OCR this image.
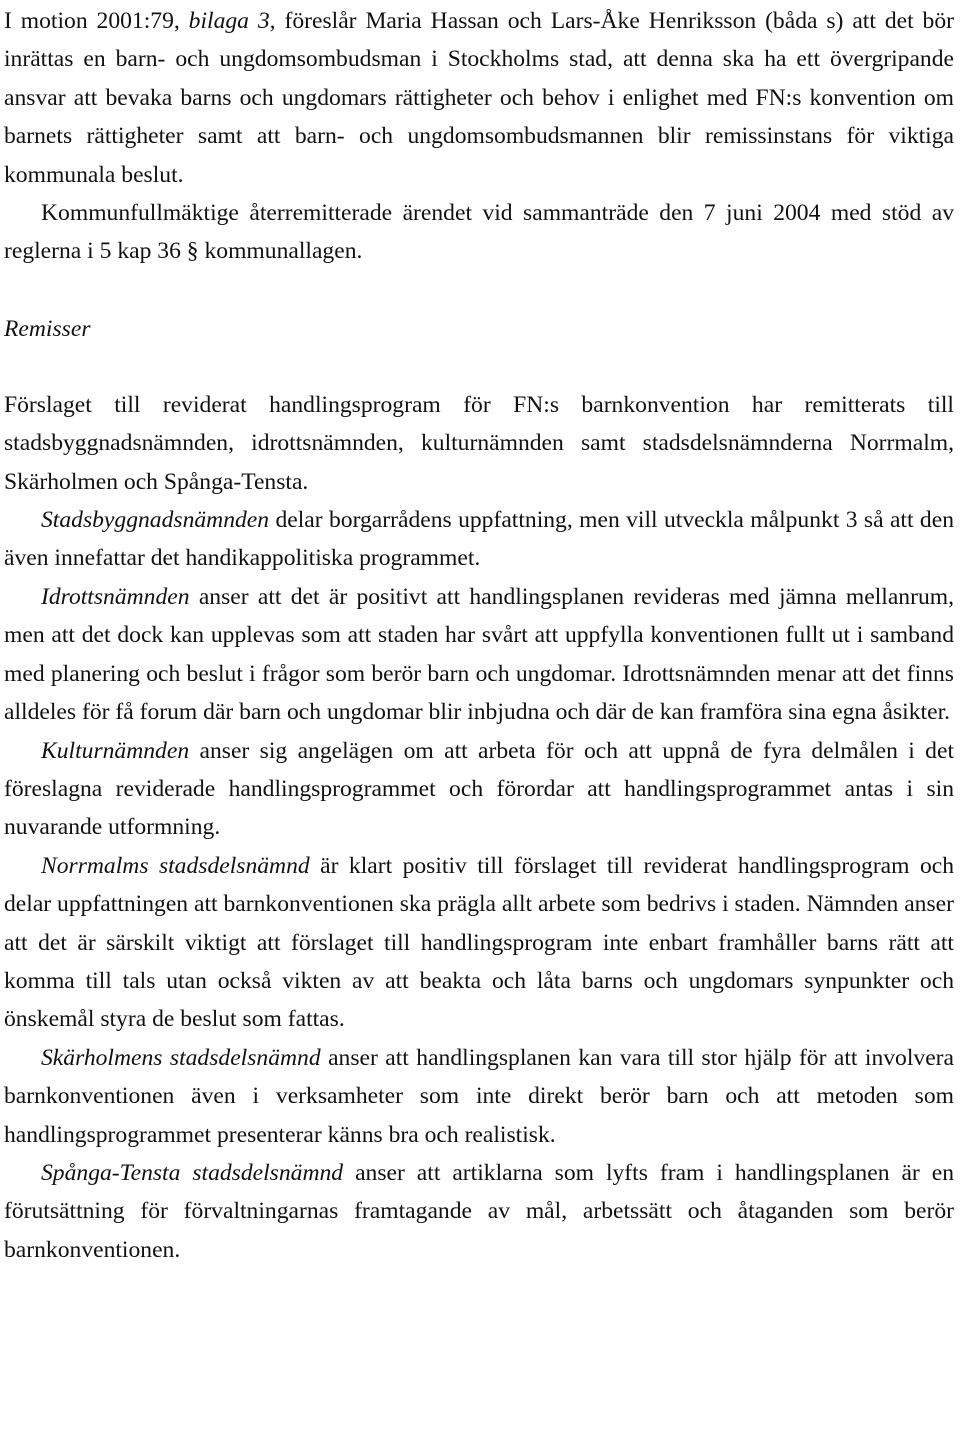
I motion 2001:79, bilaga 3, föreslår Maria Hassan och Lars-Åke Henriksson (båda s) att det bör inrättas en barn- och ungdomsombudsman i Stockholms stad, att denna ska ha ett övergripande ansvar att bevaka barns och ungdomars rättigheter och behov i enlighet med FN:s konvention om barnets rättigheter samt att barn- och ungdomsombudsmannen blir remissinstans för viktiga kommunala beslut.

Kommunfullmäktige återremitterade ärendet vid sammanträde den 7 juni 2004 med stöd av reglerna i 5 kap 36 § kommunallagen.

Remisser

Förslaget till reviderat handlingsprogram för FN:s barnkonvention har remitterats till stadsbyggnadsnämnden, idrottsnämnden, kulturnämnden samt stadsdelsnämnderna Norrmalm, Skärholmen och Spånga-Tensta.

Stadsbyggnadsnämnden delar borgarrådens uppfattning, men vill utveckla målpunkt 3 så att den även innefattar det handikappolitiska programmet.

Idrottsnämnden anser att det är positivt att handlingsplanen revideras med jämna mellanrum, men att det dock kan upplevas som att staden har svårt att uppfylla konventionen fullt ut i samband med planering och beslut i frågor som berör barn och ungdomar. Idrottsnämnden menar att det finns alldeles för få forum där barn och ungdomar blir inbjudna och där de kan framföra sina egna åsikter.

Kulturnämnden anser sig angelägen om att arbeta för och att uppnå de fyra delmålen i det föreslagna reviderade handlingsprogrammet och förordar att handlingsprogrammet antas i sin nuvarande utformning.

Norrmalms stadsdelsnämnd är klart positiv till förslaget till reviderat handlingsprogram och delar uppfattningen att barnkonventionen ska prägla allt arbete som bedrivs i staden. Nämnden anser att det är särskilt viktigt att förslaget till handlingsprogram inte enbart framhåller barns rätt att komma till tals utan också vikten av att beakta och låta barns och ungdomars synpunkter och önskemål styra de beslut som fattas.

Skärholmens stadsdelsnämnd anser att handlingsplanen kan vara till stor hjälp för att involvera barnkonventionen även i verksamheter som inte direkt berör barn och att metoden som handlingsprogrammet presenterar känns bra och realistisk.

Spånga-Tensta stadsdelsnämnd anser att artiklarna som lyfts fram i handlingsplanen är en förutsättning för förvaltningarnas framtagande av mål, arbetssätt och åtaganden som berör barnkonventionen.
